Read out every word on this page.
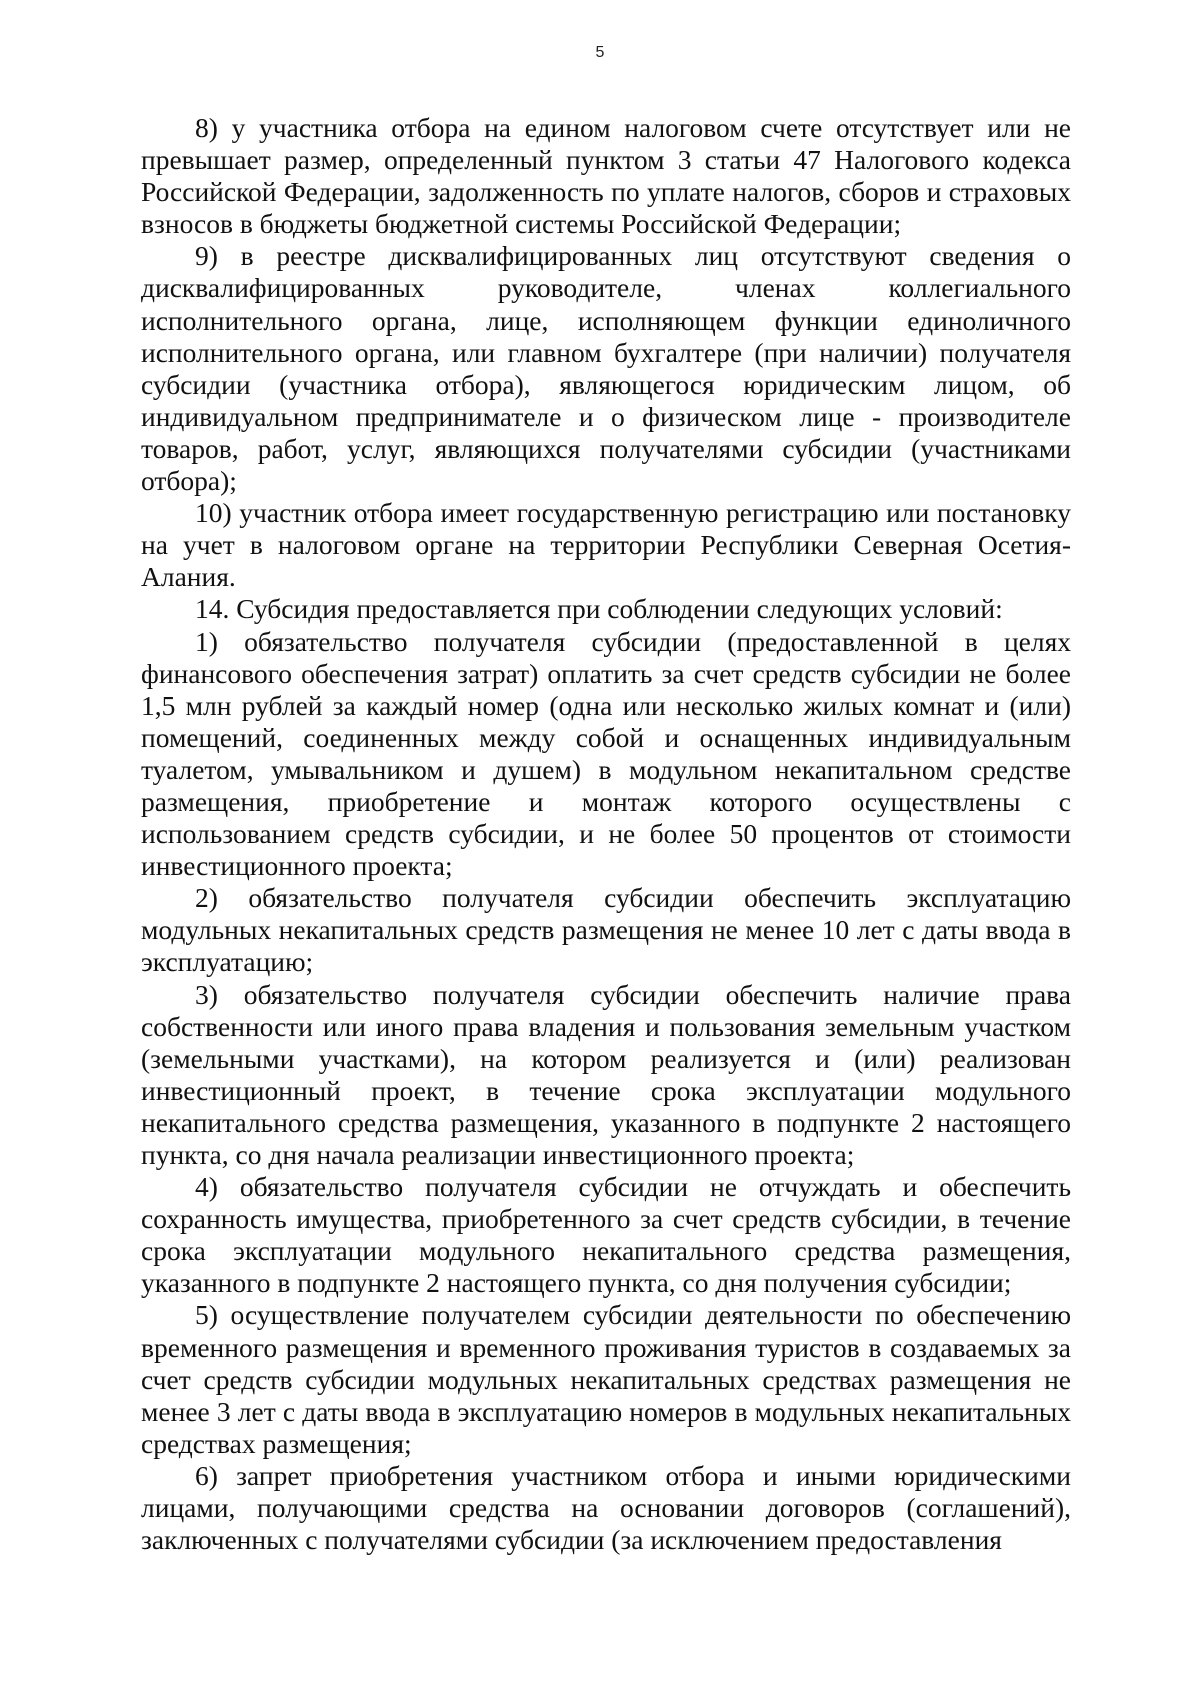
5

8) у участника отбора на едином налоговом счете отсутствует или не превышает размер, определенный пунктом 3 статьи 47 Налогового кодекса Российской Федерации, задолженность по уплате налогов, сборов и страховых взносов в бюджеты бюджетной системы Российской Федерации;

9) в реестре дисквалифицированных лиц отсутствуют сведения о дисквалифицированных руководителе, членах коллегиального исполнительного органа, лице, исполняющем функции единоличного исполнительного органа, или главном бухгалтере (при наличии) получателя субсидии (участника отбора), являющегося юридическим лицом, об индивидуальном предпринимателе и о физическом лице - производителе товаров, работ, услуг, являющихся получателями субсидии (участниками отбора);

10) участник отбора имеет государственную регистрацию или постановку на учет в налоговом органе на территории Республики Северная Осетия-Алания.

14. Субсидия предоставляется при соблюдении следующих условий:

1) обязательство получателя субсидии (предоставленной в целях финансового обеспечения затрат) оплатить за счет средств субсидии не более 1,5 млн рублей за каждый номер (одна или несколько жилых комнат и (или) помещений, соединенных между собой и оснащенных индивидуальным туалетом, умывальником и душем) в модульном некапитальном средстве размещения, приобретение и монтаж которого осуществлены с использованием средств субсидии, и не более 50 процентов от стоимости инвестиционного проекта;

2) обязательство получателя субсидии обеспечить эксплуатацию модульных некапитальных средств размещения не менее 10 лет с даты ввода в эксплуатацию;

3) обязательство получателя субсидии обеспечить наличие права собственности или иного права владения и пользования земельным участком (земельными участками), на котором реализуется и (или) реализован инвестиционный проект, в течение срока эксплуатации модульного некапитального средства размещения, указанного в подпункте 2 настоящего пункта, со дня начала реализации инвестиционного проекта;

4) обязательство получателя субсидии не отчуждать и обеспечить сохранность имущества, приобретенного за счет средств субсидии, в течение срока эксплуатации модульного некапитального средства размещения, указанного в подпункте 2 настоящего пункта, со дня получения субсидии;

5) осуществление получателем субсидии деятельности по обеспечению временного размещения и временного проживания туристов в создаваемых за счет средств субсидии модульных некапитальных средствах размещения не менее 3 лет с даты ввода в эксплуатацию номеров в модульных некапитальных средствах размещения;

6) запрет приобретения участником отбора и иными юридическими лицами, получающими средства на основании договоров (соглашений), заключенных с получателями субсидии (за исключением предоставления
